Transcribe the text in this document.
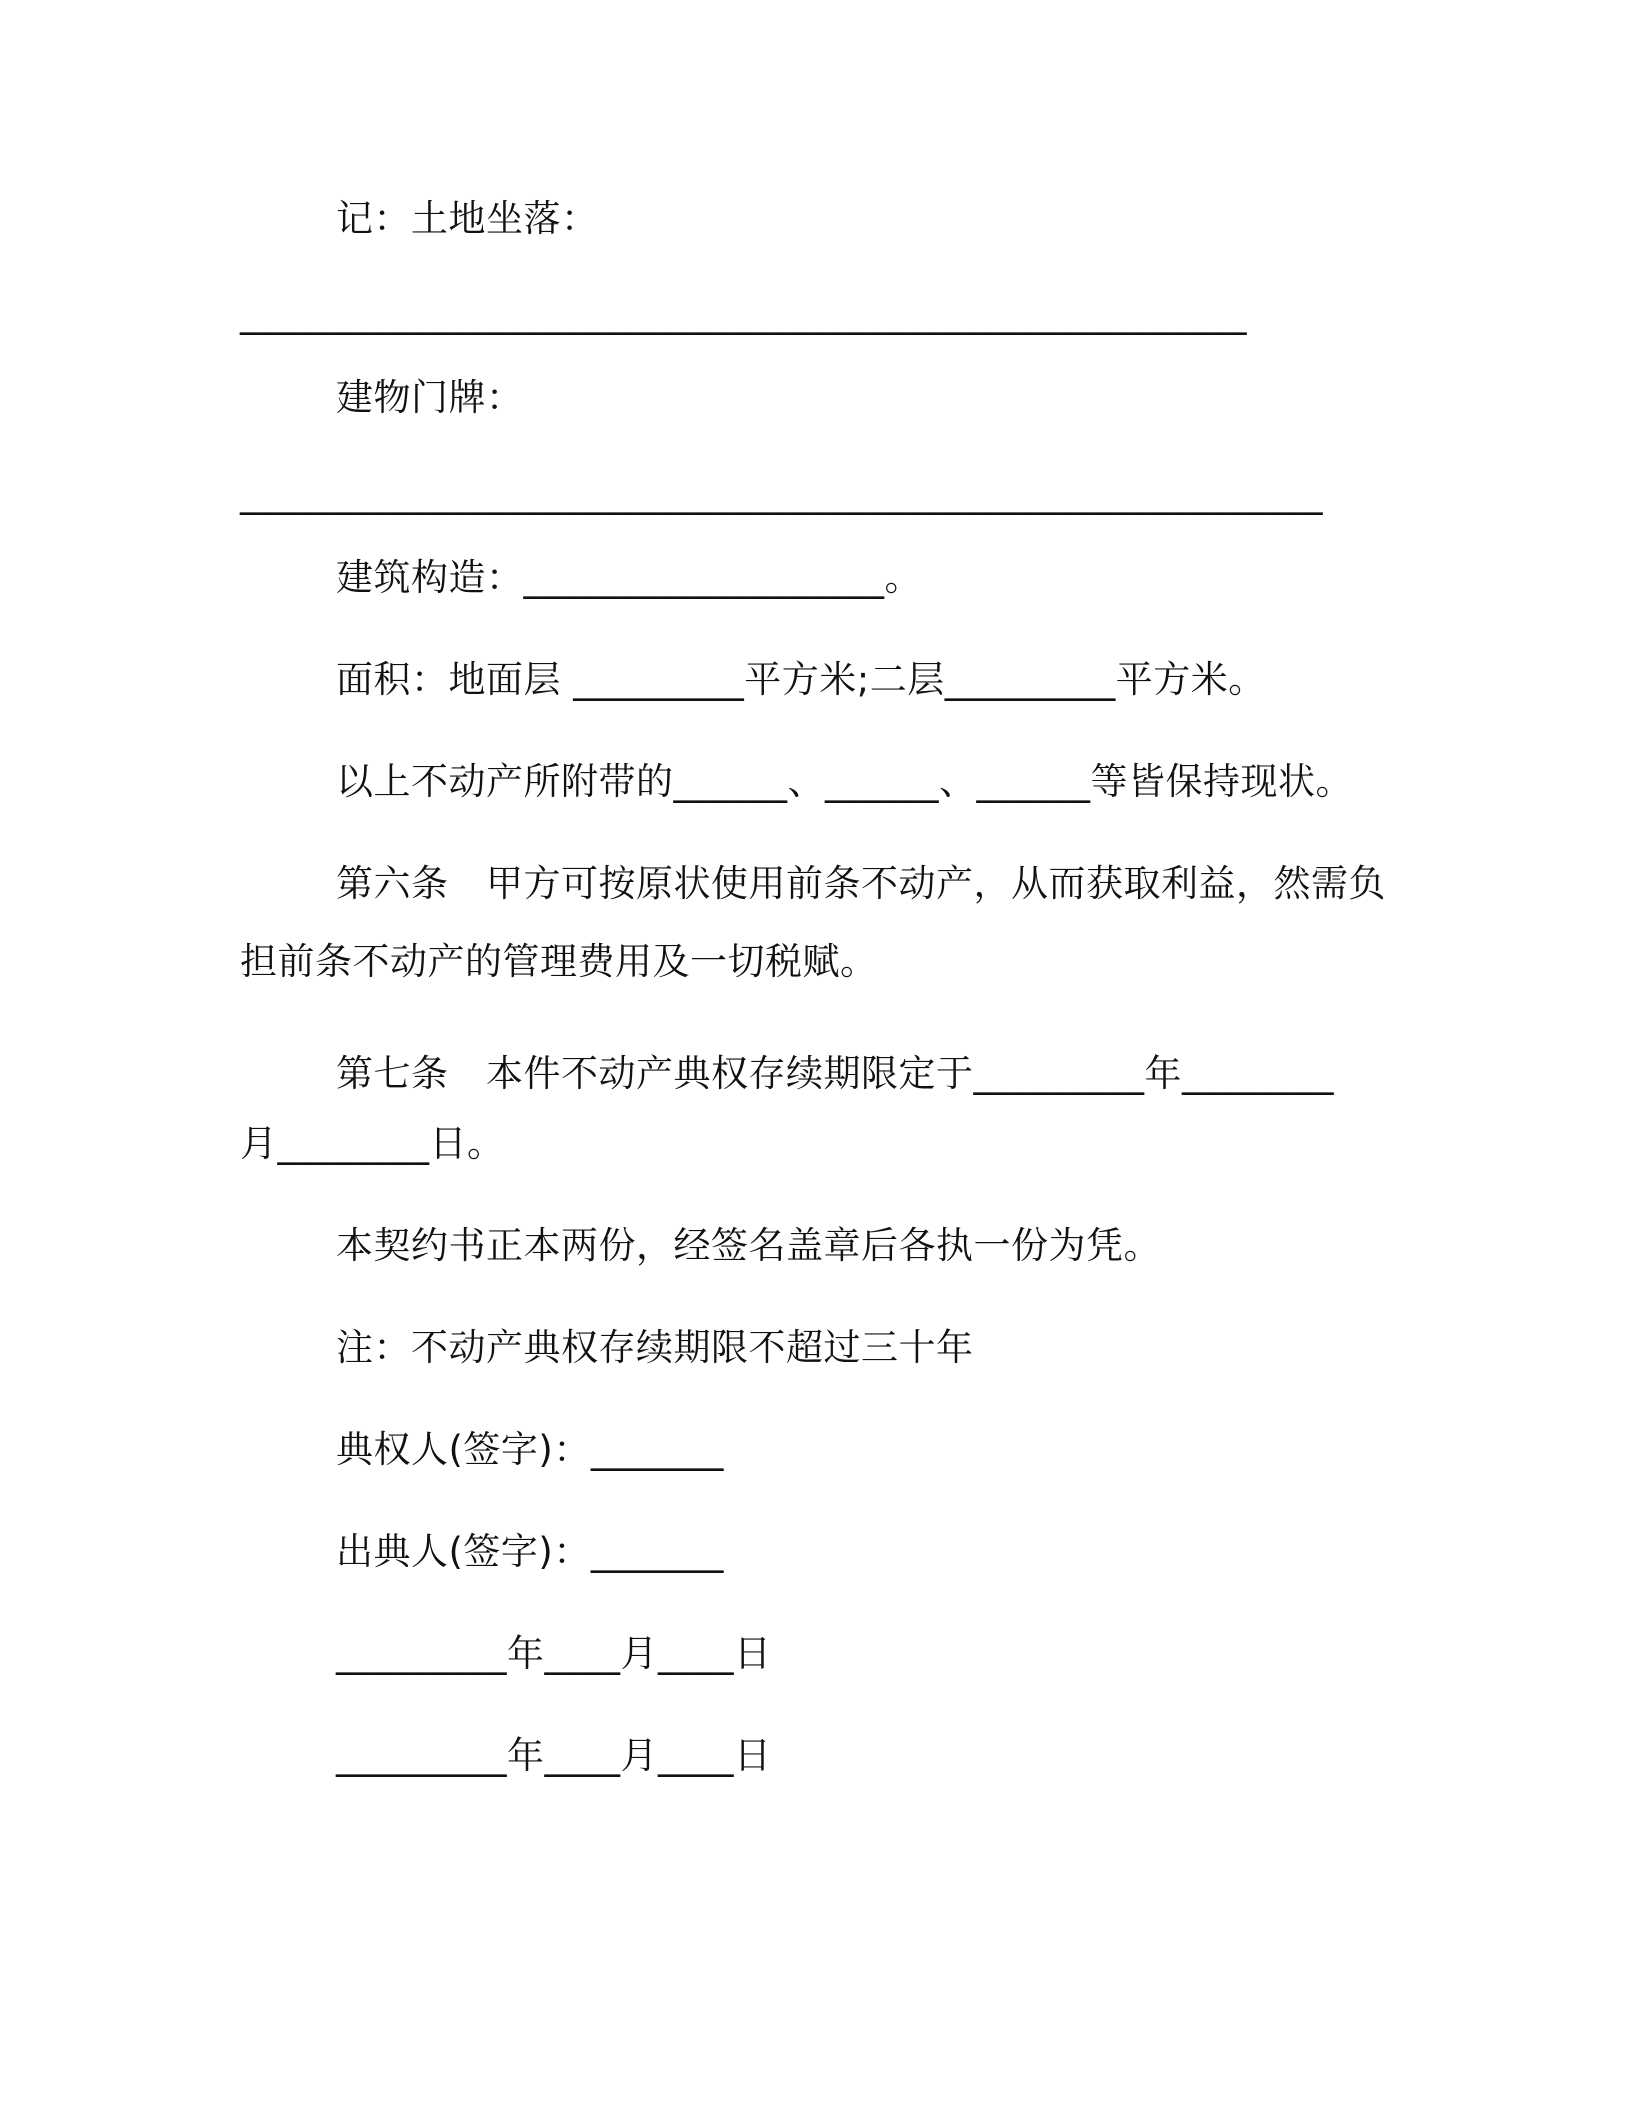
记：土地坐落：
_____________________________________________________
建物门牌：
_________________________________________________________
建筑构造：___________________。
面积：地面层 _________平方米;二层_________平方米。
以上不动产所附带的______、______、______等皆保持现状。
第六条　甲方可按原状使用前条不动产，从而获取利益，然需负
担前条不动产的管理费用及一切税赋。
第七条　本件不动产典权存续期限定于_________年________
月________日。
本契约书正本两份，经签名盖章后各执一份为凭。
注：不动产典权存续期限不超过三十年
典权人(签字)：_______
出典人(签字)：_______
_________年____月____日
_________年____月____日
